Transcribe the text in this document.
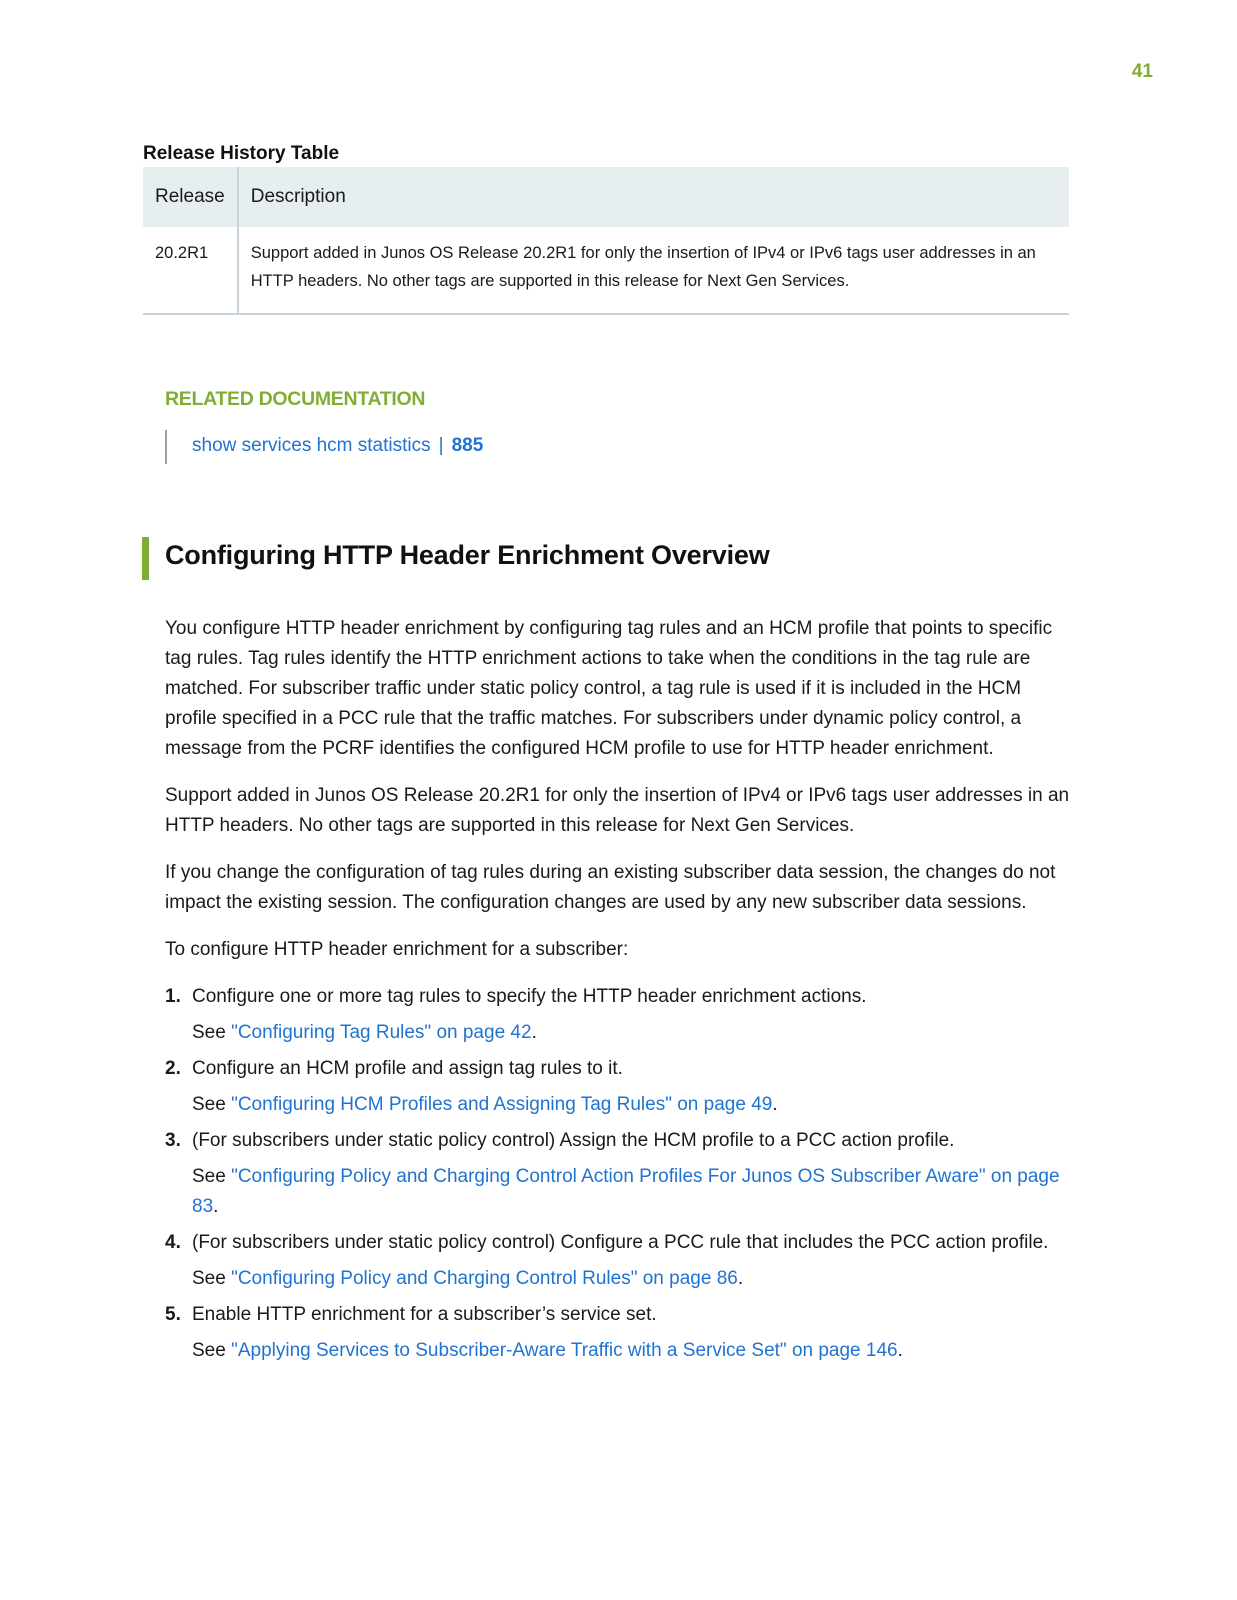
41
Release History Table
Release	Description
20.2R1	Support added in Junos OS Release 20.2R1 for only the insertion of IPv4 or IPv6 tags user addresses in an HTTP headers. No other tags are supported in this release for Next Gen Services.
RELATED DOCUMENTATION
show services hcm statistics | 885
Configuring HTTP Header Enrichment Overview

You configure HTTP header enrichment by configuring tag rules and an HCM profile that points to specific tag rules. Tag rules identify the HTTP enrichment actions to take when the conditions in the tag rule are matched. For subscriber traffic under static policy control, a tag rule is used if it is included in the HCM profile specified in a PCC rule that the traffic matches. For subscribers under dynamic policy control, a message from the PCRF identifies the configured HCM profile to use for HTTP header enrichment.

Support added in Junos OS Release 20.2R1 for only the insertion of IPv4 or IPv6 tags user addresses in an HTTP headers. No other tags are supported in this release for Next Gen Services.

If you change the configuration of tag rules during an existing subscriber data session, the changes do not impact the existing session. The configuration changes are used by any new subscriber data sessions.

To configure HTTP header enrichment for a subscriber:

1. Configure one or more tag rules to specify the HTTP header enrichment actions.
See "Configuring Tag Rules" on page 42.
2. Configure an HCM profile and assign tag rules to it.
See "Configuring HCM Profiles and Assigning Tag Rules" on page 49.
3. (For subscribers under static policy control) Assign the HCM profile to a PCC action profile.
See "Configuring Policy and Charging Control Action Profiles For Junos OS Subscriber Aware" on page 83.
4. (For subscribers under static policy control) Configure a PCC rule that includes the PCC action profile.
See "Configuring Policy and Charging Control Rules" on page 86.
5. Enable HTTP enrichment for a subscriber’s service set.
See "Applying Services to Subscriber-Aware Traffic with a Service Set" on page 146.
